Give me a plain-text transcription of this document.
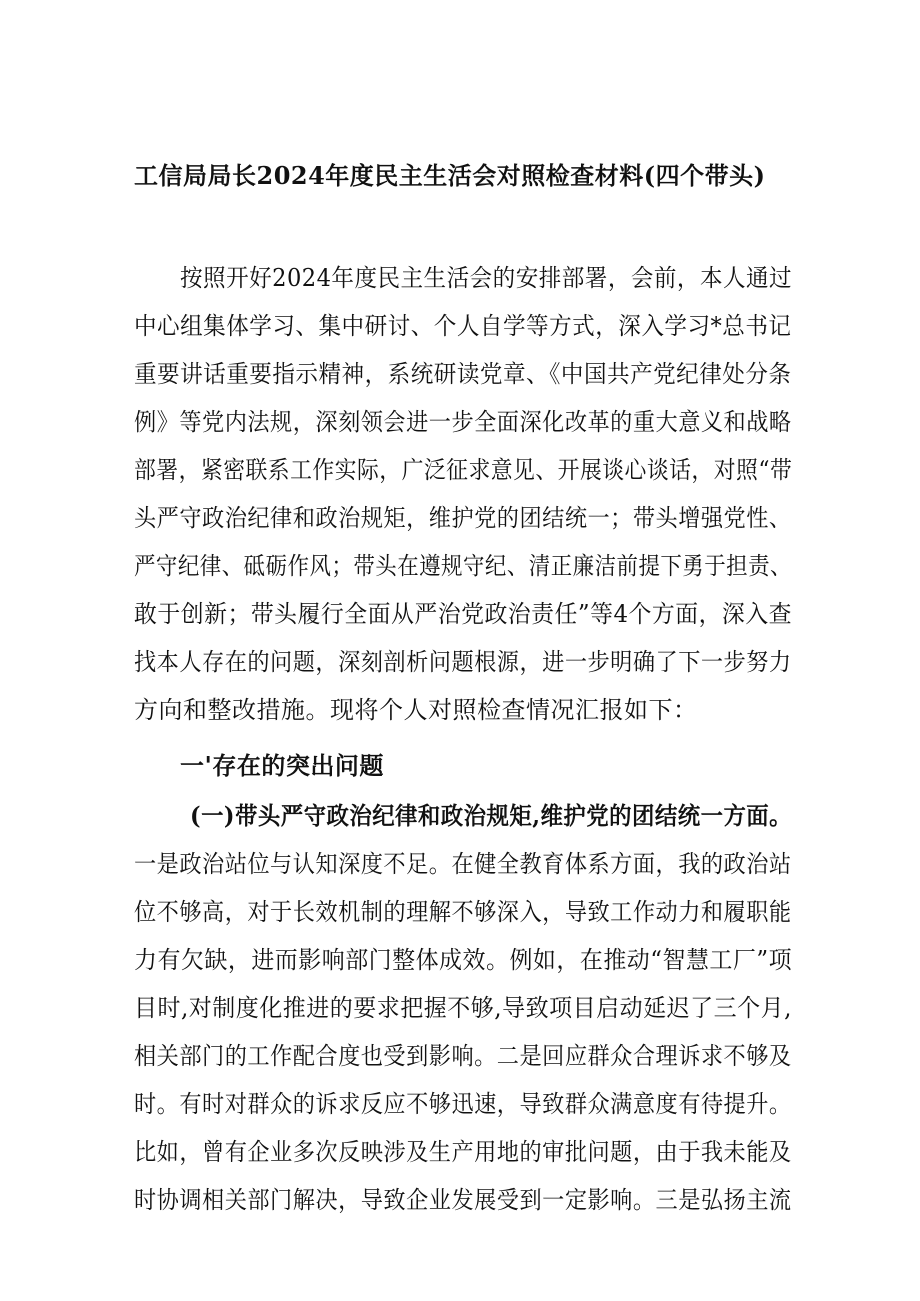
工信局局长2024年度民主生活会对照检查材料(四个带头)
按照开好2024年度民主生活会的安排部署，会前，本人通过
中心组集体学习、集中研讨、个人自学等方式，深入学习*总书记
重要讲话重要指示精神，系统研读党章、《中国共产党纪律处分条
例》等党内法规，深刻领会进一步全面深化改革的重大意义和战略
部署，紧密联系工作实际，广泛征求意见、开展谈心谈话，对照“带
头严守政治纪律和政治规矩，维护党的团结统一；带头增强党性、
严守纪律、砥砺作风；带头在遵规守纪、清正廉洁前提下勇于担责、
敢于创新；带头履行全面从严治党政治责任”等4个方面，深入查
找本人存在的问题，深刻剖析问题根源，进一步明确了下一步努力
方向和整改措施。现将个人对照检查情况汇报如下：
一'存在的突出问题
(一)带头严守政治纪律和政治规矩,维护党的团结统一方面。
一是政治站位与认知深度不足。在健全教育体系方面，我的政治站
位不够高，对于长效机制的理解不够深入，导致工作动力和履职能
力有欠缺，进而影响部门整体成效。例如，在推动“智慧工厂”项
目时,对制度化推进的要求把握不够,导致项目启动延迟了三个月,
相关部门的工作配合度也受到影响。二是回应群众合理诉求不够及
时。有时对群众的诉求反应不够迅速，导致群众满意度有待提升。
比如，曾有企业多次反映涉及生产用地的审批问题，由于我未能及
时协调相关部门解决，导致企业发展受到一定影响。三是弘扬主流
